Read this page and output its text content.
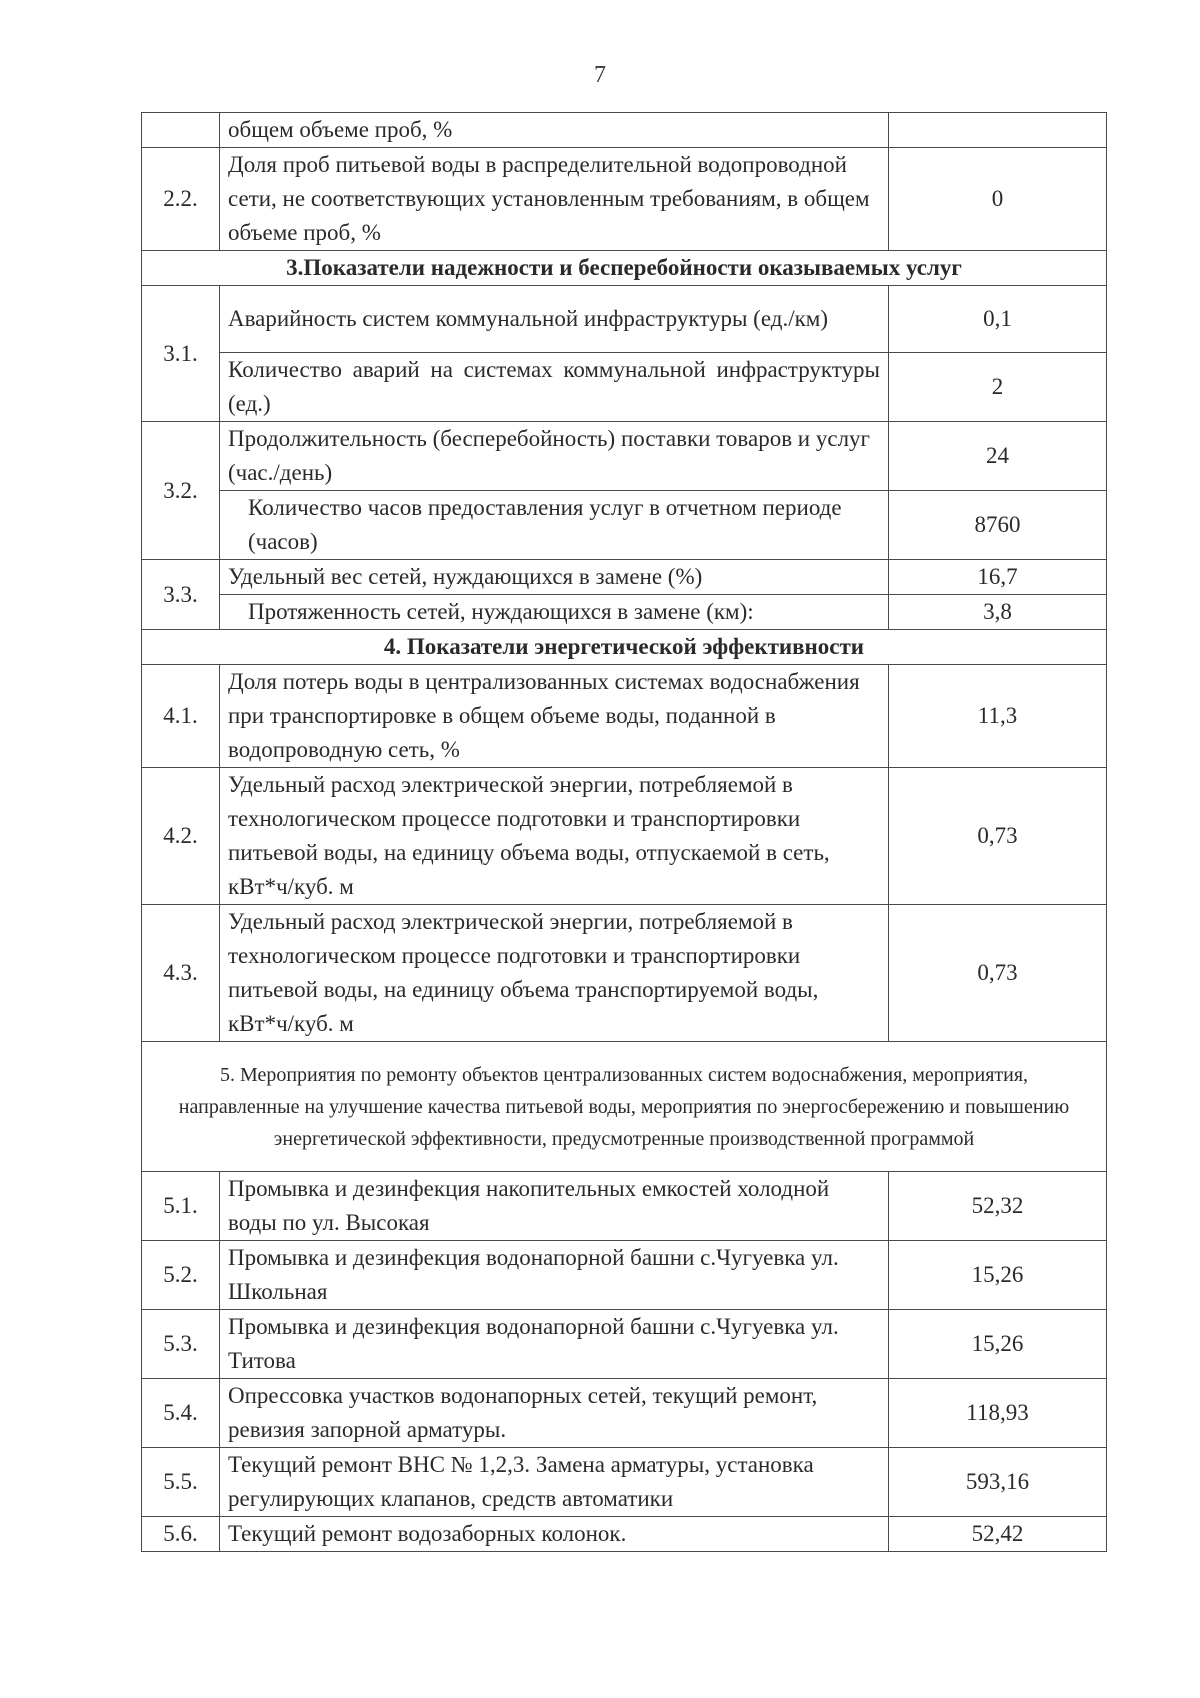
7
	общем объеме проб, %	
2.2.	Доля проб питьевой воды в распределительной водопроводной сети, не соответствующих установленным требованиям, в общем объеме проб, %	0
3.Показатели надежности и бесперебойности оказываемых услуг		
3.1.	Аварийность систем коммунальной инфраструктуры (ед./км)	0,1
	Количество аварий на системах коммунальной инфраструктуры (ед.)	2
3.2.	Продолжительность (бесперебойность) поставки товаров и услуг (час./день)	24
	Количество часов предоставления услуг в отчетном периоде (часов)	8760
3.3.	Удельный вес сетей, нуждающихся в замене (%)	16,7
	Протяженность сетей, нуждающихся в замене (км):	3,8
4. Показатели энергетической эффективности		
4.1.	Доля потерь воды в централизованных системах водоснабжения при транспортировке в общем объеме воды, поданной в водопроводную сеть, %	11,3
4.2.	Удельный расход электрической энергии, потребляемой в технологическом процессе подготовки и транспортировки питьевой воды, на единицу объема воды, отпускаемой в сеть, кВт*ч/куб. м	0,73
4.3.	Удельный расход электрической энергии, потребляемой в технологическом процессе подготовки и транспортировки питьевой воды, на единицу объема транспортируемой воды, кВт*ч/куб. м	0,73
5. Мероприятия по ремонту объектов централизованных систем водоснабжения, мероприятия, направленные на улучшение качества питьевой воды, мероприятия по энергосбережению и повышению энергетической эффективности, предусмотренные производственной программой		
5.1.	Промывка и дезинфекция накопительных емкостей холодной воды по ул. Высокая	52,32
5.2.	Промывка и дезинфекция водонапорной башни с.Чугуевка ул. Школьная	15,26
5.3.	Промывка и дезинфекция водонапорной башни с.Чугуевка ул. Титова	15,26
5.4.	Опрессовка участков водонапорных сетей, текущий ремонт, ревизия запорной арматуры.	118,93
5.5.	Текущий ремонт ВНС № 1,2,3. Замена арматуры, установка регулирующих клапанов, средств автоматики	593,16
5.6.	Текущий ремонт водозаборных колонок.	52,42
